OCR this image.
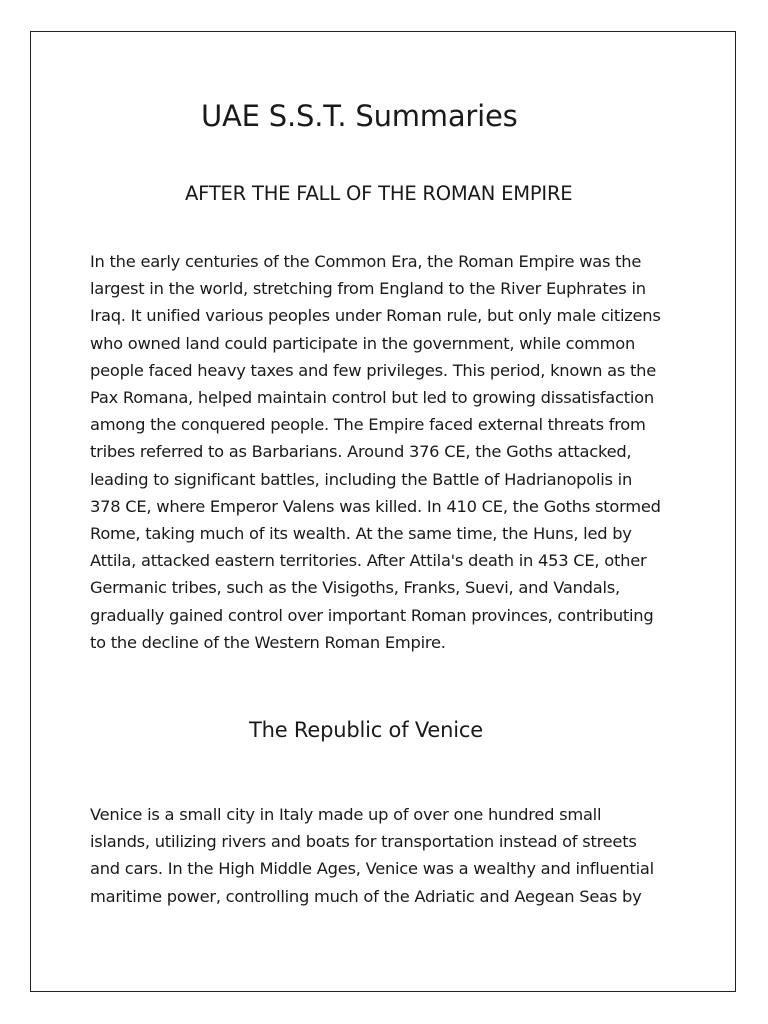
UAE S.S.T. Summaries
AFTER THE FALL OF THE ROMAN EMPIRE

In the early centuries of the Common Era, the Roman Empire was the
largest in the world, stretching from England to the River Euphrates in
Iraq. It unified various peoples under Roman rule, but only male citizens
who owned land could participate in the government, while common
people faced heavy taxes and few privileges. This period, known as the
Pax Romana, helped maintain control but led to growing dissatisfaction
among the conquered people. The Empire faced external threats from
tribes referred to as Barbarians. Around 376 CE, the Goths attacked,
leading to significant battles, including the Battle of Hadrianopolis in
378 CE, where Emperor Valens was killed. In 410 CE, the Goths stormed
Rome, taking much of its wealth. At the same time, the Huns, led by
Attila, attacked eastern territories. After Attila's death in 453 CE, other
Germanic tribes, such as the Visigoths, Franks, Suevi, and Vandals,
gradually gained control over important Roman provinces, contributing
to the decline of the Western Roman Empire.

The Republic of Venice

Venice is a small city in Italy made up of over one hundred small
islands, utilizing rivers and boats for transportation instead of streets
and cars. In the High Middle Ages, Venice was a wealthy and influential
maritime power, controlling much of the Adriatic and Aegean Seas by
